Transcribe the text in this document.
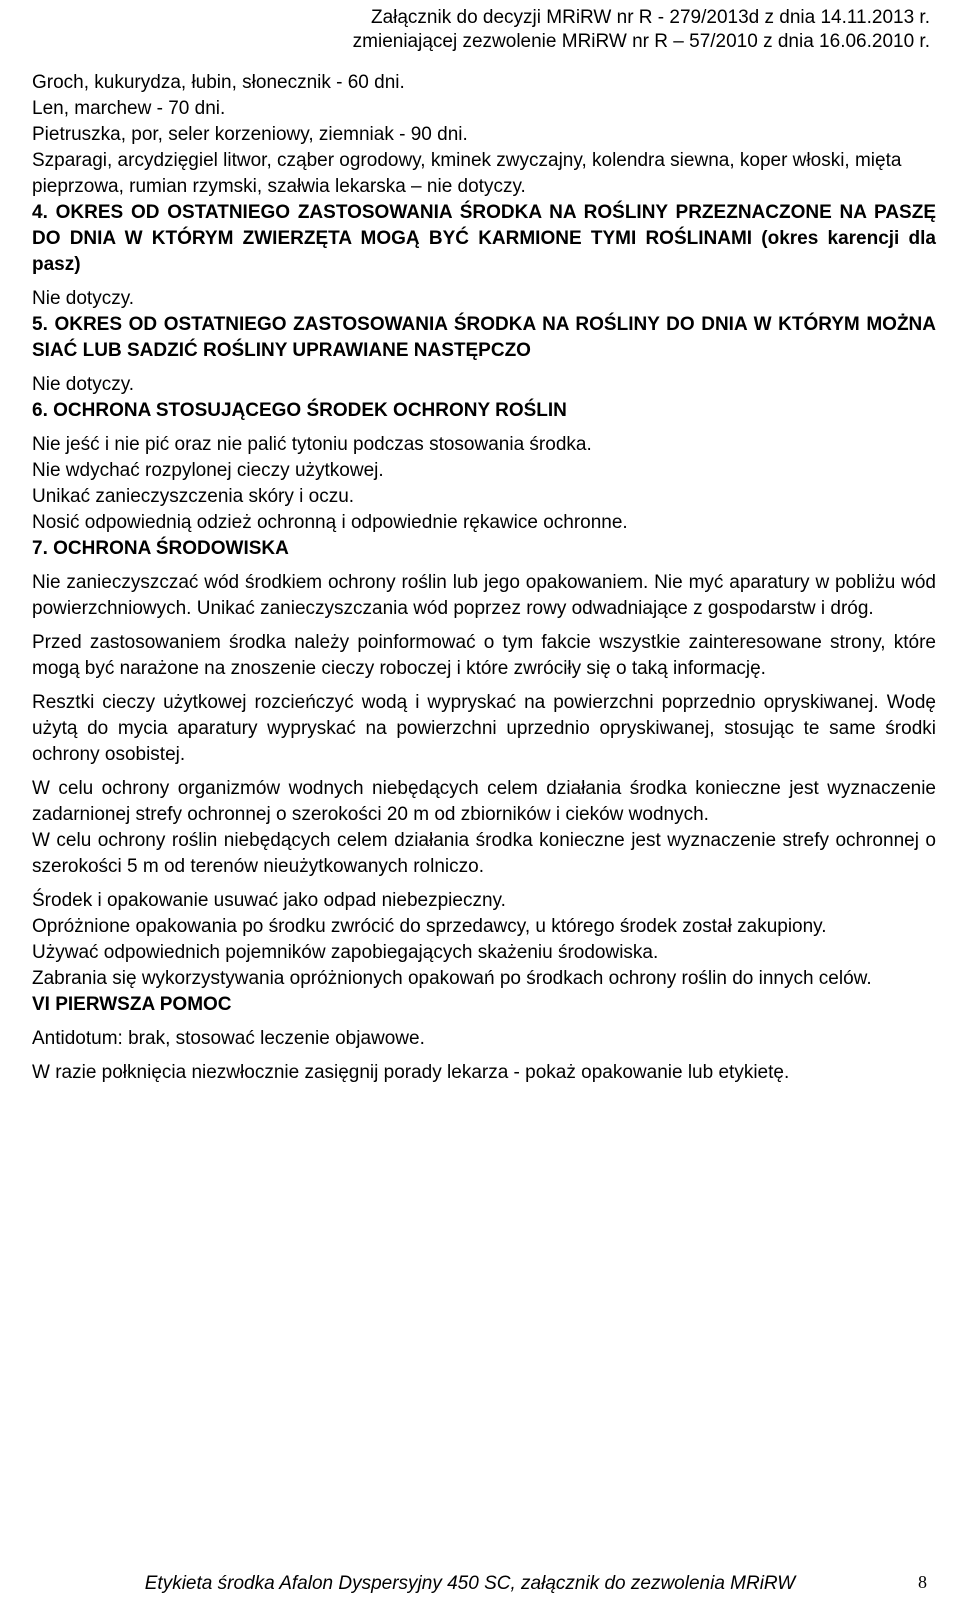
Załącznik do decyzji MRiRW nr R - 279/2013d z dnia 14.11.2013 r.
zmieniającej zezwolenie MRiRW nr R – 57/2010 z dnia 16.06.2010 r.

Groch, kukurydza, łubin, słonecznik - 60 dni.

Len, marchew - 70 dni.

Pietruszka, por, seler korzeniowy, ziemniak - 90 dni.

Szparagi, arcydzięgiel litwor, cząber ogrodowy, kminek zwyczajny, kolendra siewna, koper włoski, mięta pieprzowa, rumian rzymski, szałwia lekarska – nie dotyczy.

4. OKRES OD OSTATNIEGO ZASTOSOWANIA ŚRODKA NA ROŚLINY PRZEZNACZONE NA PASZĘ DO DNIA W KTÓRYM ZWIERZĘTA MOGĄ BYĆ KARMIONE TYMI ROŚLINAMI (okres karencji dla pasz)

Nie dotyczy.

5. OKRES OD OSTATNIEGO ZASTOSOWANIA ŚRODKA NA ROŚLINY DO DNIA W KTÓRYM MOŻNA SIAĆ LUB SADZIĆ ROŚLINY UPRAWIANE NASTĘPCZO

Nie dotyczy.

6. OCHRONA STOSUJĄCEGO ŚRODEK OCHRONY ROŚLIN

Nie jeść i nie pić oraz nie palić tytoniu podczas stosowania środka.

Nie wdychać rozpylonej cieczy użytkowej.

Unikać zanieczyszczenia skóry i oczu.

Nosić odpowiednią odzież ochronną i odpowiednie rękawice ochronne.

7. OCHRONA ŚRODOWISKA

Nie zanieczyszczać wód środkiem ochrony roślin lub jego opakowaniem. Nie myć aparatury w pobliżu wód powierzchniowych. Unikać zanieczyszczania wód poprzez rowy odwadniające z gospodarstw i dróg.

Przed zastosowaniem środka należy poinformować o tym fakcie wszystkie zainteresowane strony, które mogą być narażone na znoszenie cieczy roboczej i które zwróciły się o taką informację.

Resztki cieczy użytkowej rozcieńczyć wodą i wypryskać na powierzchni poprzednio opryskiwanej. Wodę użytą do mycia aparatury wypryskać na powierzchni uprzednio opryskiwanej, stosując te same środki ochrony osobistej.

W celu ochrony organizmów wodnych niebędących celem działania środka konieczne jest wyznaczenie zadarnionej strefy ochronnej o szerokości 20 m od zbiorników i cieków wodnych.

W celu ochrony roślin niebędących celem działania środka konieczne jest wyznaczenie strefy ochronnej o szerokości 5 m od terenów nieużytkowanych rolniczo.

Środek i opakowanie usuwać jako odpad niebezpieczny.

Opróżnione opakowania po środku zwrócić do sprzedawcy, u którego środek został zakupiony.

Używać odpowiednich pojemników zapobiegających skażeniu środowiska.

Zabrania się wykorzystywania opróżnionych opakowań po środkach ochrony roślin do innych celów.

VI PIERWSZA POMOC

Antidotum: brak, stosować leczenie objawowe.

W razie połknięcia niezwłocznie zasięgnij porady lekarza - pokaż opakowanie lub etykietę.

Etykieta środka Afalon Dyspersyjny 450 SC, załącznik do zezwolenia MRiRW	8
